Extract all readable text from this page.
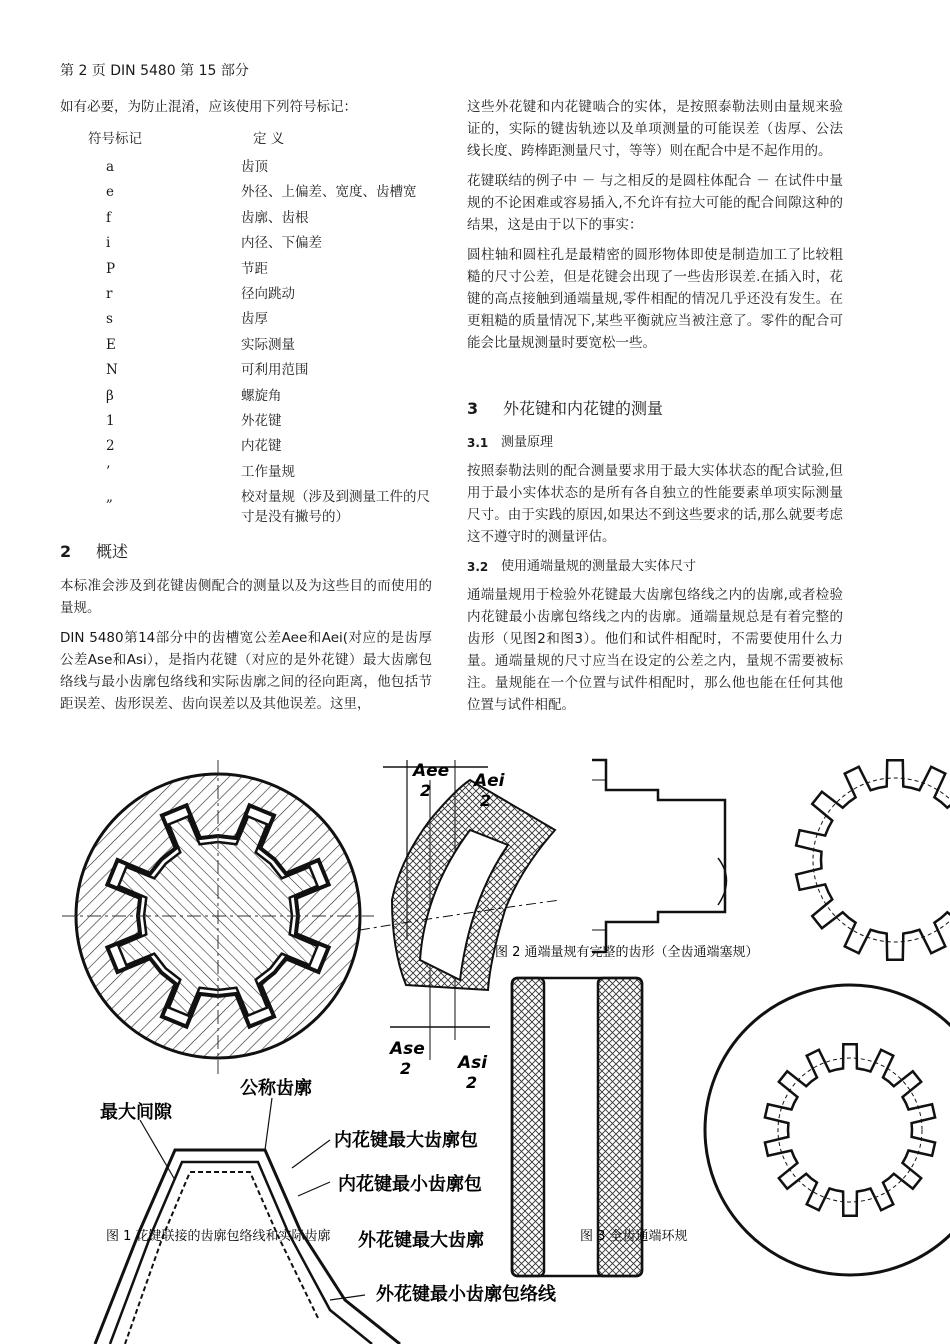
第 2 页 DIN 5480 第 15 部分

如有必要，为防止混淆，应该使用下列符号标记：

符号标记	定 义
a	齿顶
e	外径、上偏差、宽度、齿槽宽
f	齿廓、齿根
i	内径、下偏差
P	节距
r	径向跳动
s	齿厚
E	实际测量
N	可利用范围
β	螺旋角
1	外花键
2	内花键
’	工作量规
„	校对量规（涉及到测量工件的尺寸是没有撇号的）
2	概述

本标准会涉及到花键齿侧配合的测量以及为这些目的而使用的量规。

DIN 5480第14部分中的齿槽宽公差Aee和Aei(对应的是齿厚公差Ase和Asi），是指内花键（对应的是外花键）最大齿廓包络线与最小齿廓包络线和实际齿廓之间的径向距离，他包括节距误差、齿形误差、齿向误差以及其他误差。这里，

这些外花键和内花键啮合的实体，是按照泰勒法则由量规来验证的，实际的键齿轨迹以及单项测量的可能误差（齿厚、公法线长度、跨棒距测量尺寸，等等）则在配合中是不起作用的。

花键联结的例子中 － 与之相反的是圆柱体配合 － 在试件中量规的不论困难或容易插入,不允许有拉大可能的配合间隙这种的结果，这是由于以下的事实：

圆柱轴和圆柱孔是最精密的圆形物体即使是制造加工了比较粗糙的尺寸公差，但是花键会出现了一些齿形误差.在插入时，花键的高点接触到通端量规,零件相配的情况几乎还没有发生。在更粗糙的质量情况下,某些平衡就应当被注意了。零件的配合可能会比量规测量时要宽松一些。

3	外花键和内花键的测量
3.1 测量原理

按照泰勒法则的配合测量要求用于最大实体状态的配合试验,但用于最小实体状态的是所有各自独立的性能要素单项实际测量尺寸。由于实践的原因,如果达不到这些要求的话,那么就要考虑这不遵守时的测量评估。

3.2 使用通端量规的测量最大实体尺寸

通端量规用于检验外花键最大齿廓包络线之内的齿廓,或者检验内花键最小齿廓包络线之内的齿廓。通端量规总是有着完整的齿形（见图2和图3）。他们和试件相配时，不需要使用什么力量。通端量规的尺寸应当在设定的公差之内，量规不需要被标注。量规能在一个位置与试件相配时，那么他也能在任何其他位置与试件相配。

Aee
2	Aei
2
Ase
2	Asi
2
公称齿廓
最大间隙
内花键最大齿廓包
内花键最小齿廓包
外花键最大齿廓
外花键最小齿廓包络线
图 2 通端量规有完整的齿形（全齿通端塞规）
图 3 全齿通端环规
图 1 花键联接的齿廓包络线和实际齿廓
